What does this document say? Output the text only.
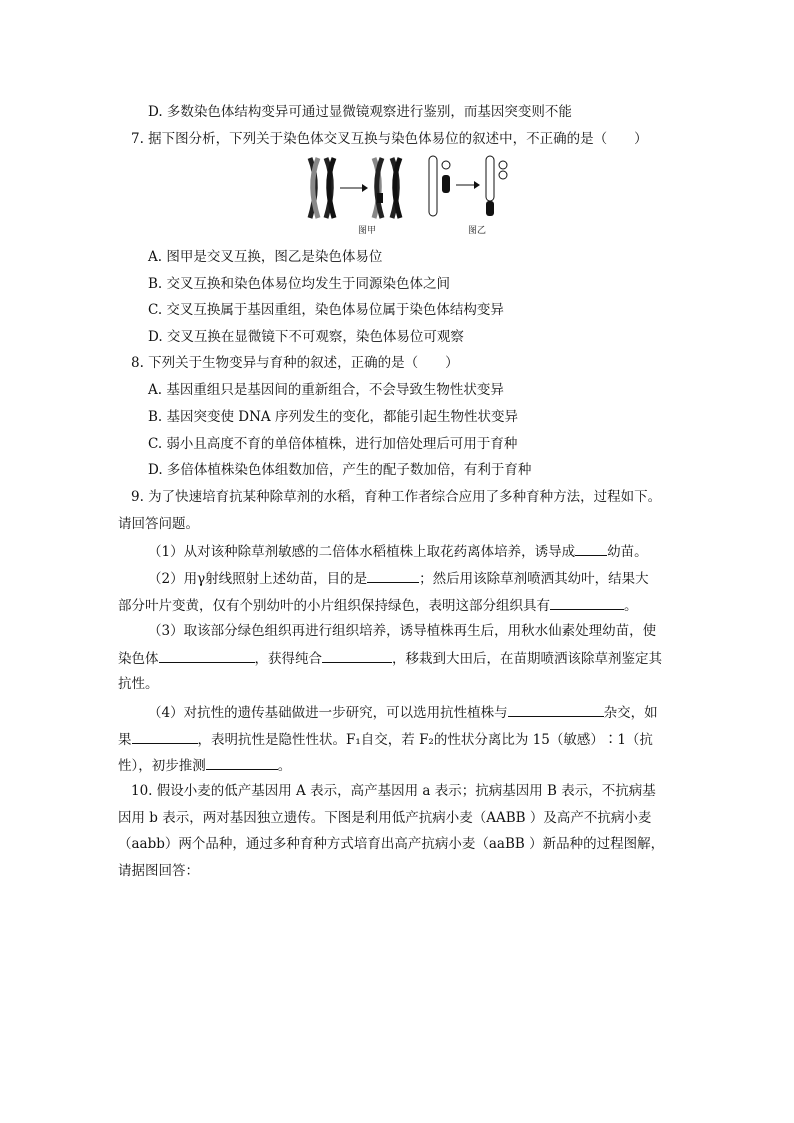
D. 多数染色体结构变异可通过显微镜观察进行鉴别，而基因突变则不能
7. 据下图分析，下列关于染色体交叉互换与染色体易位的叙述中，不正确的是（　　）
图甲	图乙
A. 图甲是交叉互换，图乙是染色体易位
B. 交叉互换和染色体易位均发生于同源染色体之间
C. 交叉互换属于基因重组，染色体易位属于染色体结构变异
D. 交叉互换在显微镜下不可观察，染色体易位可观察
8. 下列关于生物变异与育种的叙述，正确的是（　　）
A. 基因重组只是基因间的重新组合，不会导致生物性状变异
B. 基因突变使 DNA 序列发生的变化，都能引起生物性状变异
C. 弱小且高度不育的单倍体植株，进行加倍处理后可用于育种
D. 多倍体植株染色体组数加倍，产生的配子数加倍，有利于育种
9. 为了快速培育抗某种除草剂的水稻，育种工作者综合应用了多种育种方法，过程如下。
请回答问题。
（1）从对该种除草剂敏感的二倍体水稻植株上取花药离体培养，诱导成 幼苗。
（2）用γ射线照射上述幼苗，目的是	；然后用该除草剂喷洒其幼叶，结果大
部分叶片变黄，仅有个别幼叶的小片组织保持绿色，表明这部分组织具有	。
（3）取该部分绿色组织再进行组织培养，诱导植株再生后，用秋水仙素处理幼苗，使
染色体	，获得纯合	，移栽到大田后，在苗期喷洒该除草剂鉴定其
抗性。
（4）对抗性的遗传基础做进一步研究，可以选用抗性植株与	杂交，如
果	，表明抗性是隐性性状。F₁自交，若 F₂的性状分离比为 15（敏感）∶1（抗
性），初步推测	。
10. 假设小麦的低产基因用 A 表示，高产基因用 a 表示；抗病基因用 B 表示，不抗病基
因用 b 表示，两对基因独立遗传。下图是利用低产抗病小麦（AABB ）及高产不抗病小麦
（aabb）两个品种，通过多种育种方式培育出高产抗病小麦（aaBB ）新品种的过程图解，
请据图回答：
